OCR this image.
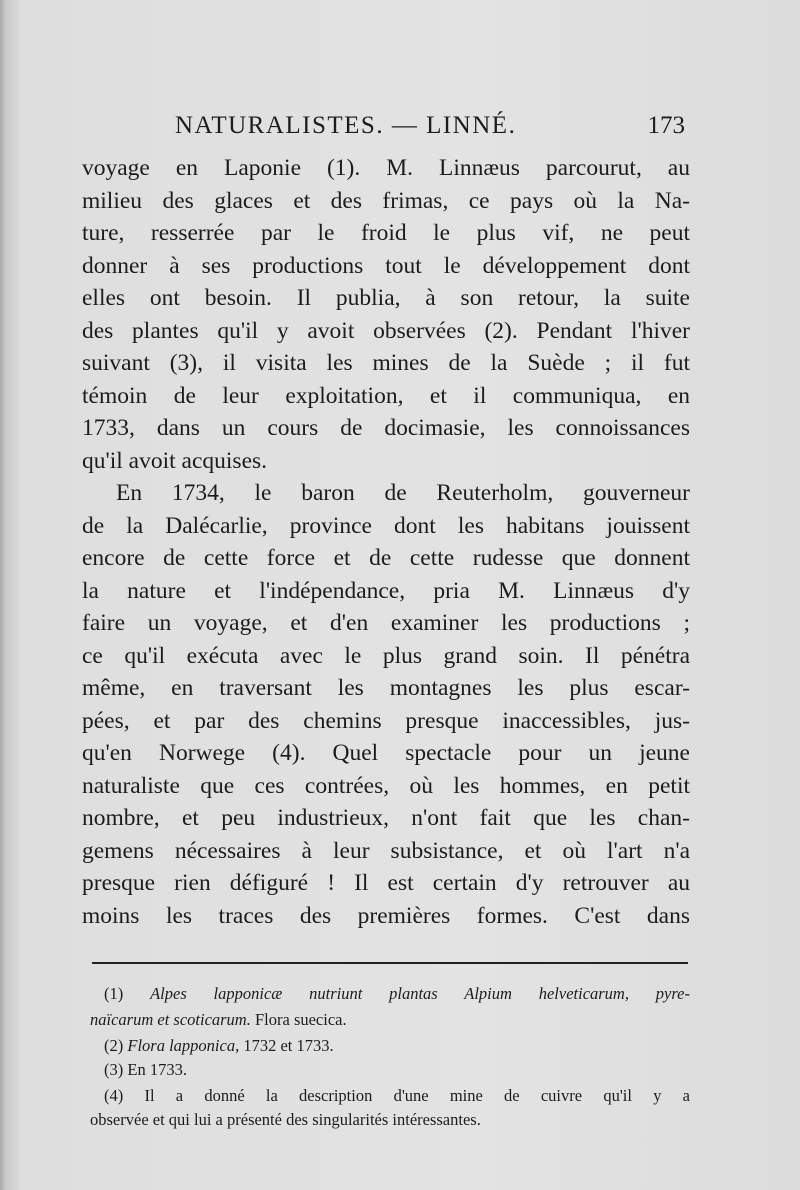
NATURALISTES. — LINNÉ.	173
voyage en Laponie (1). M. Linnæus parcourut, au
milieu des glaces et des frimas, ce pays où la Na-
ture, resserrée par le froid le plus vif, ne peut
donner à ses productions tout le développement dont
elles ont besoin. Il publia, à son retour, la suite
des plantes qu'il y avoit observées (2). Pendant l'hiver
suivant (3), il visita les mines de la Suède ; il fut
témoin de leur exploitation, et il communiqua, en
1733, dans un cours de docimasie, les connoissances
qu'il avoit acquises.
En 1734, le baron de Reuterholm, gouverneur
de la Dalécarlie, province dont les habitans jouissent
encore de cette force et de cette rudesse que donnent
la nature et l'indépendance, pria M. Linnæus d'y
faire un voyage, et d'en examiner les productions ;
ce qu'il exécuta avec le plus grand soin. Il pénétra
même, en traversant les montagnes les plus escar-
pées, et par des chemins presque inaccessibles, jus-
qu'en Norwege (4). Quel spectacle pour un jeune
naturaliste que ces contrées, où les hommes, en petit
nombre, et peu industrieux, n'ont fait que les chan-
gemens nécessaires à leur subsistance, et où l'art n'a
presque rien défiguré ! Il est certain d'y retrouver au
moins les traces des premières formes. C'est dans
(1) Alpes lapponicæ nutriunt plantas Alpium helveticarum, pyre-
naïcarum et scoticarum. Flora suecica.
(2) Flora lapponica, 1732 et 1733.
(3) En 1733.
(4) Il a donné la description d'une mine de cuivre qu'il y a
observée et qui lui a présenté des singularités intéressantes.
